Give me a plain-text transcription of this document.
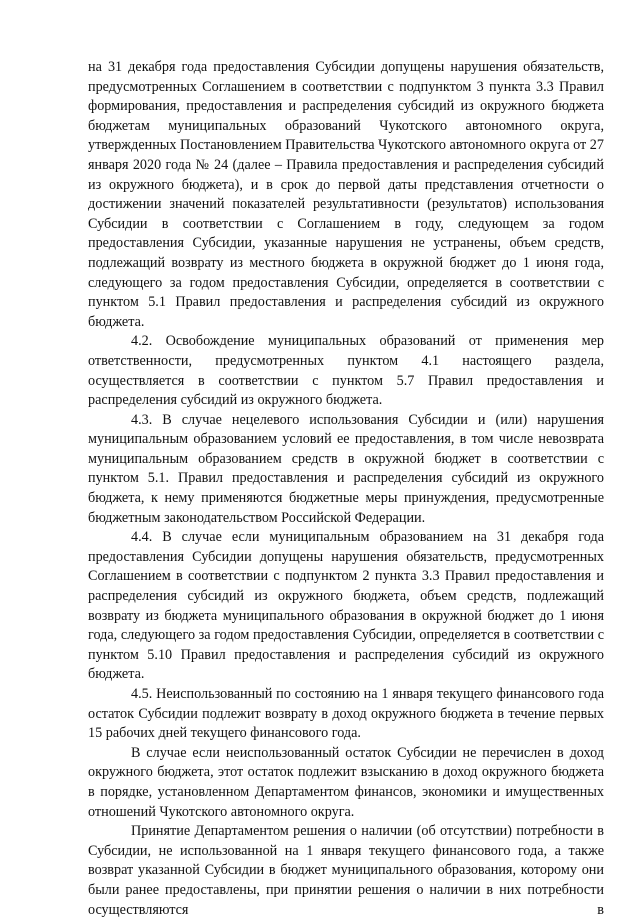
на 31 декабря года предоставления Субсидии допущены нарушения обязательств, предусмотренных Соглашением в соответствии с подпунктом 3 пункта 3.3 Правил формирования, предоставления и распределения субсидий из окружного бюджета бюджетам муниципальных образований Чукотского автономного округа, утвержденных Постановлением Правительства Чукотского автономного округа от 27 января 2020 года № 24 (далее – Правила предоставления и распределения субсидий из окружного бюджета), и в срок до первой даты представления отчетности о достижении значений показателей результативности (результатов) использования Субсидии в соответствии с Соглашением в году, следующем за годом предоставления Субсидии, указанные нарушения не устранены, объем средств, подлежащий возврату из местного бюджета в окружной бюджет до 1 июня года, следующего за годом предоставления Субсидии, определяется в соответствии с пунктом 5.1 Правил предоставления и распределения субсидий из окружного бюджета.

4.2. Освобождение муниципальных образований от применения мер ответственности, предусмотренных пунктом 4.1 настоящего раздела, осуществляется в соответствии с пунктом 5.7 Правил предоставления и распределения субсидий из окружного бюджета.

4.3. В случае нецелевого использования Субсидии и (или) нарушения муниципальным образованием условий ее предоставления, в том числе невозврата муниципальным образованием средств в окружной бюджет в соответствии с пунктом 5.1. Правил предоставления и распределения субсидий из окружного бюджета, к нему применяются бюджетные меры принуждения, предусмотренные бюджетным законодательством Российской Федерации.

4.4. В случае если муниципальным образованием на 31 декабря года предоставления Субсидии допущены нарушения обязательств, предусмотренных Соглашением в соответствии с подпунктом 2 пункта 3.3 Правил предоставления и распределения субсидий из окружного бюджета, объем средств, подлежащий возврату из бюджета муниципального образования в окружной бюджет до 1 июня года, следующего за годом предоставления Субсидии, определяется в соответствии с пунктом 5.10 Правил предоставления и распределения субсидий из окружного бюджета.

4.5. Неиспользованный по состоянию на 1 января текущего финансового года остаток Субсидии подлежит возврату в доход окружного бюджета в течение первых 15 рабочих дней текущего финансового года.

В случае если неиспользованный остаток Субсидии не перечислен в доход окружного бюджета, этот остаток подлежит взысканию в доход окружного бюджета в порядке, установленном Департаментом финансов, экономики и имущественных отношений Чукотского автономного округа.

Принятие Департаментом решения о наличии (об отсутствии) потребности в Субсидии, не использованной на 1 января текущего финансового года, а также возврат указанной Субсидии в бюджет муниципального образования, которому они были ранее предоставлены, при принятии решения о наличии в них потребности осуществляются в
